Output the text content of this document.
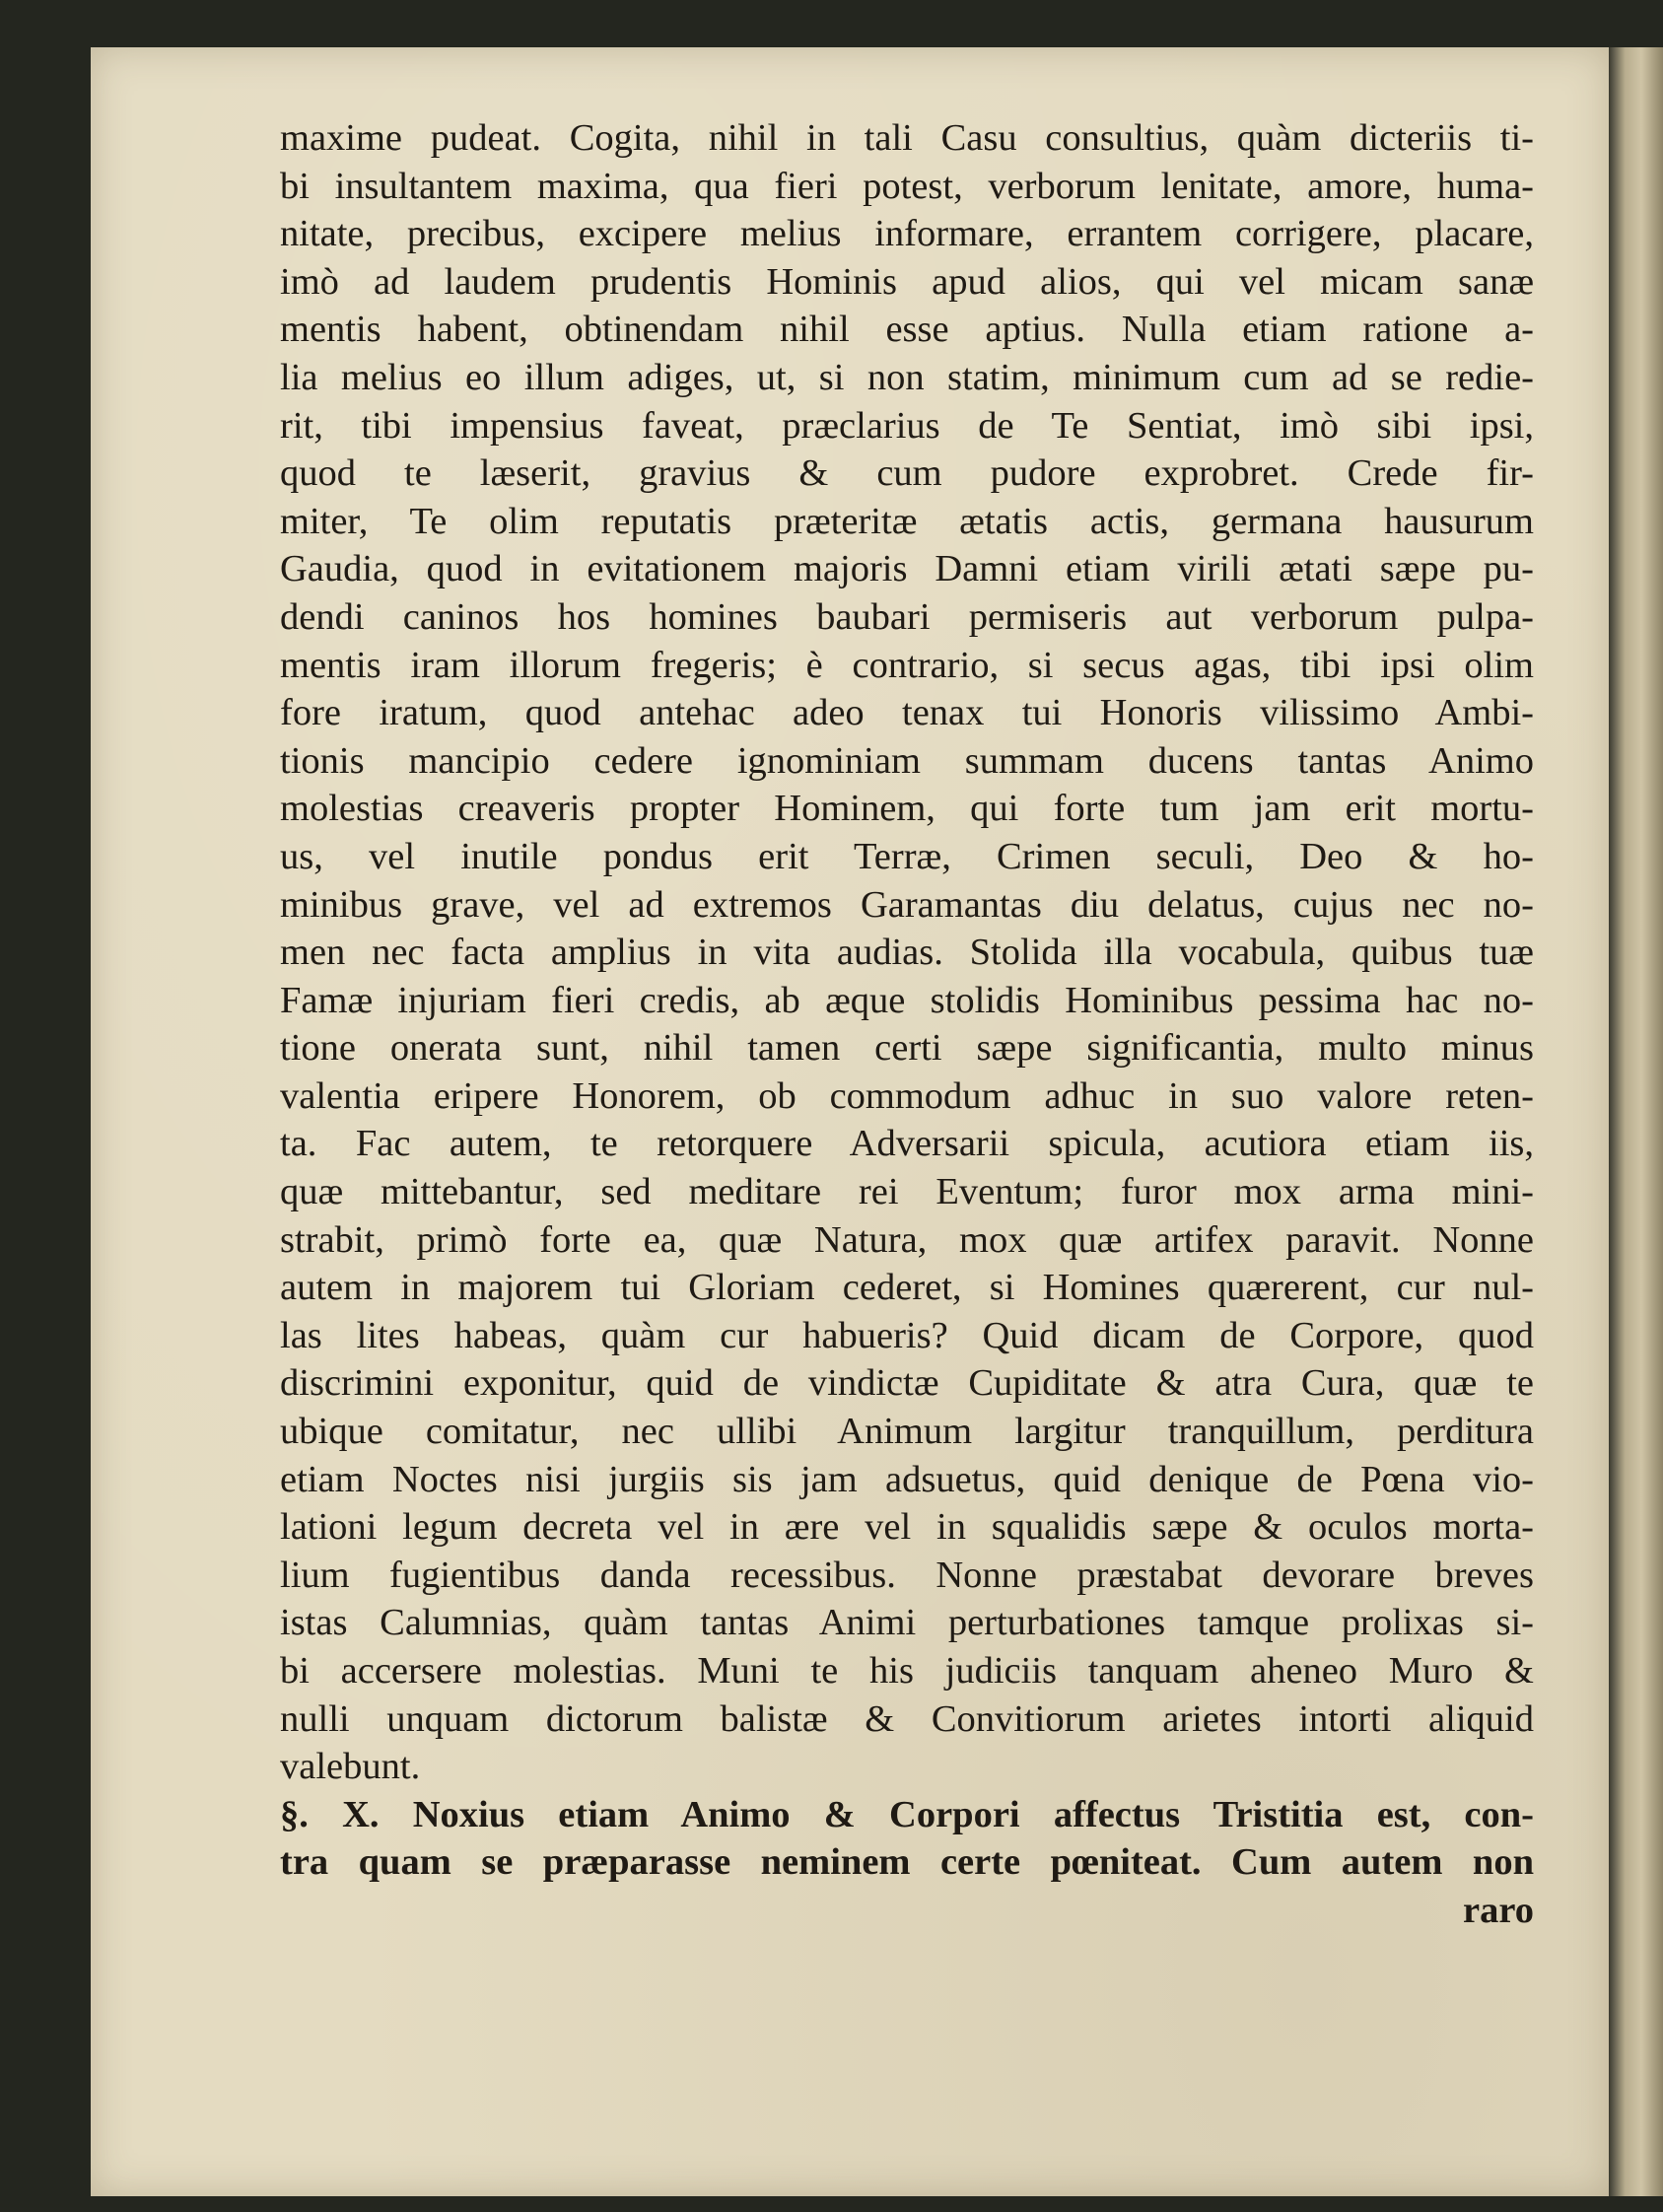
maxime pudeat. Cogita, nihil in tali Casu consultius, quàm dicteriis ti-
bi insultantem maxima, qua fieri potest, verborum lenitate, amore, huma-
nitate, precibus, excipere melius informare, errantem corrigere, placare,
imò ad laudem prudentis Hominis apud alios, qui vel micam sanæ
mentis habent, obtinendam nihil esse aptius. Nulla etiam ratione a-
lia melius eo illum adiges, ut, si non statim, minimum cum ad se redie-
rit, tibi impensius faveat, præclarius de Te Sentiat, imò sibi ipsi,
quod te læserit, gravius & cum pudore exprobret. Crede fir-
miter, Te olim reputatis præteritæ ætatis actis, germana hausurum
Gaudia, quod in evitationem majoris Damni etiam virili ætati sæpe pu-
dendi caninos hos homines baubari permiseris aut verborum pulpa-
mentis iram illorum fregeris; è contrario, si secus agas, tibi ipsi olim
fore iratum, quod antehac adeo tenax tui Honoris vilissimo Ambi-
tionis mancipio cedere ignominiam summam ducens tantas Animo
molestias creaveris propter Hominem, qui forte tum jam erit mortu-
us, vel inutile pondus erit Terræ, Crimen seculi, Deo & ho-
minibus grave, vel ad extremos Garamantas diu delatus, cujus nec no-
men nec facta amplius in vita audias. Stolida illa vocabula, quibus tuæ
Famæ injuriam fieri credis, ab æque stolidis Hominibus pessima hac no-
tione onerata sunt, nihil tamen certi sæpe significantia, multo minus
valentia eripere Honorem, ob commodum adhuc in suo valore reten-
ta. Fac autem, te retorquere Adversarii spicula, acutiora etiam iis,
quæ mittebantur, sed meditare rei Eventum; furor mox arma mini-
strabit, primò forte ea, quæ Natura, mox quæ artifex paravit. Nonne
autem in majorem tui Gloriam cederet, si Homines quærerent, cur nul-
las lites habeas, quàm cur habueris? Quid dicam de Corpore, quod
discrimini exponitur, quid de vindictæ Cupiditate & atra Cura, quæ te
ubique comitatur, nec ullibi Animum largitur tranquillum, perditura
etiam Noctes nisi jurgiis sis jam adsuetus, quid denique de Pœna vio-
lationi legum decreta vel in ære vel in squalidis sæpe & oculos morta-
lium fugientibus danda recessibus. Nonne præstabat devorare breves
istas Calumnias, quàm tantas Animi perturbationes tamque prolixas si-
bi accersere molestias. Muni te his judiciis tanquam aheneo Muro &
nulli unquam dictorum balistæ & Convitiorum arietes intorti aliquid
valebunt.
§. X. Noxius etiam Animo & Corpori affectus Tristitia est, con-
tra quam se præparasse neminem certe pœniteat. Cum autem non
raro
